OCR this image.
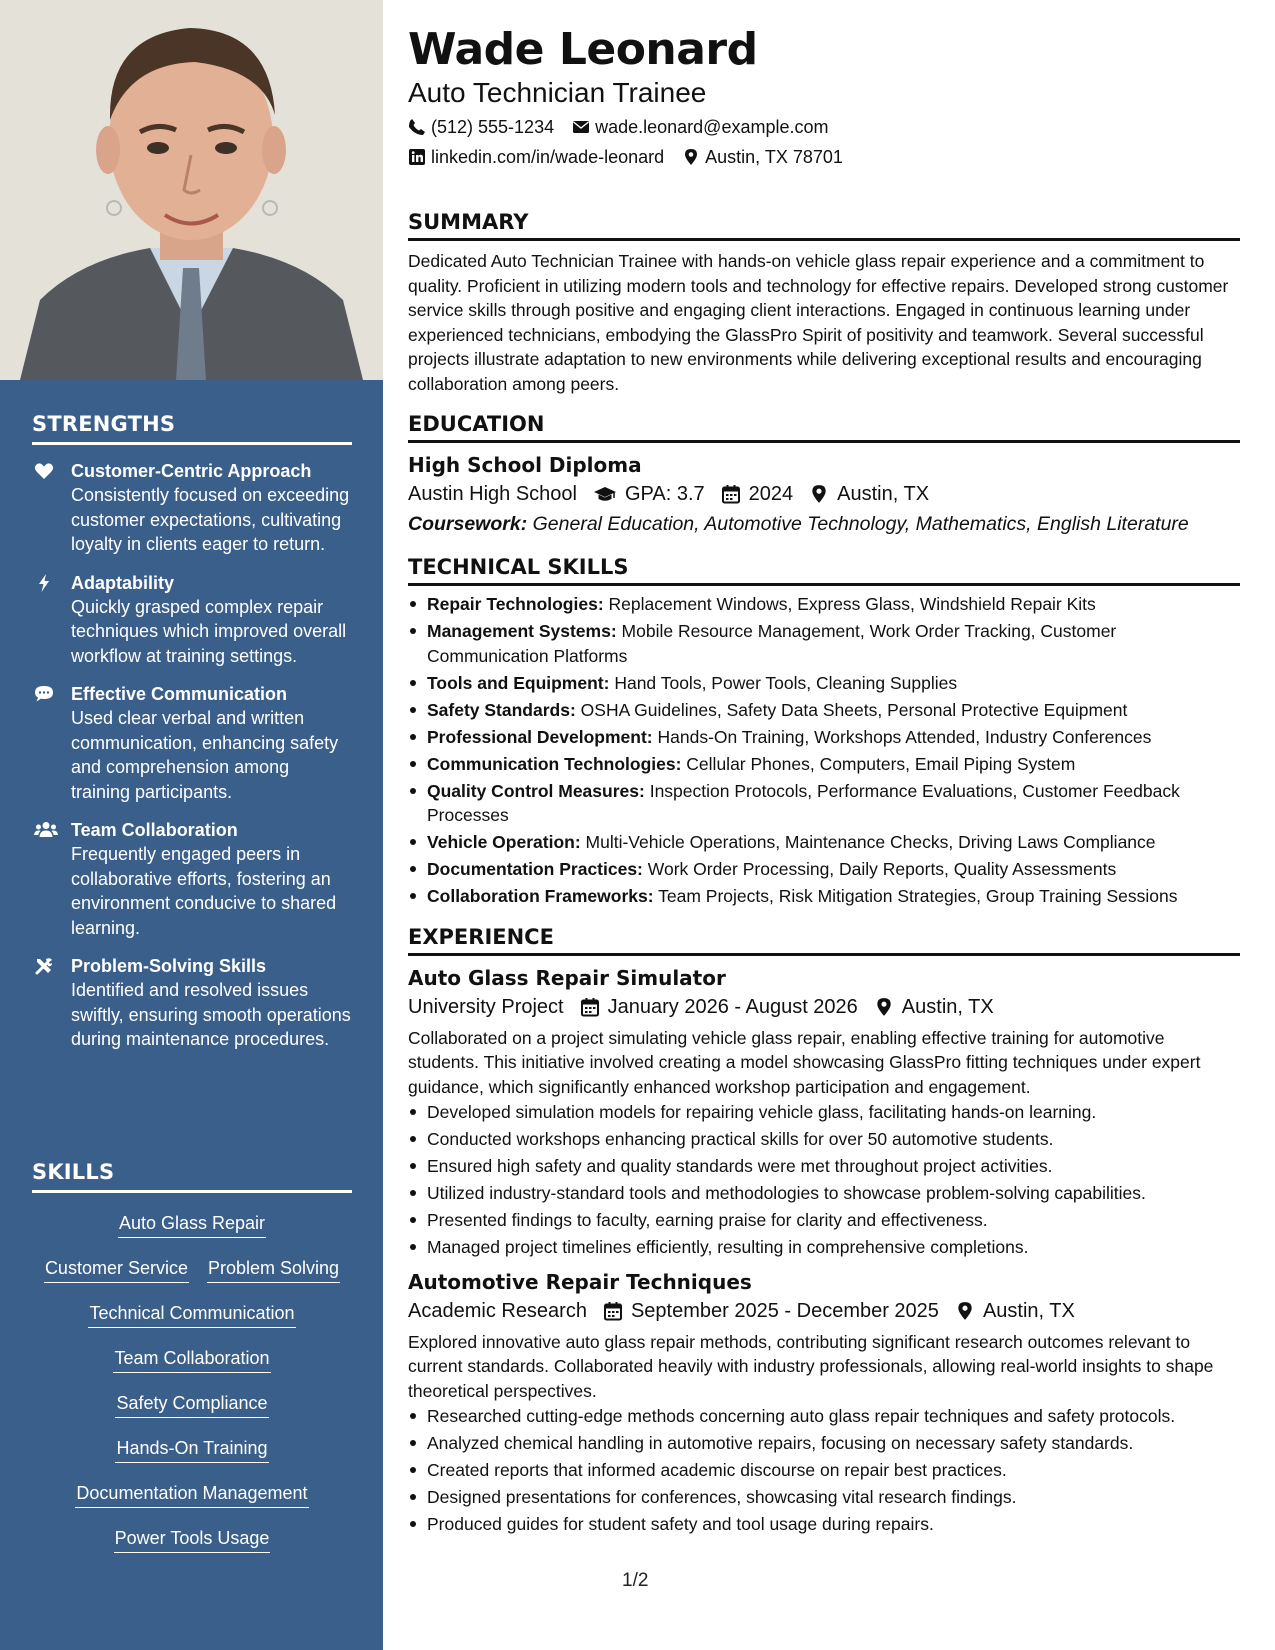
STRENGTHS
Customer-Centric Approach
Consistently focused on exceeding customer expectations, cultivating loyalty in clients eager to return.
Adaptability
Quickly grasped complex repair techniques which improved overall workflow at training settings.
Effective Communication
Used clear verbal and written communication, enhancing safety and comprehension among training participants.
Team Collaboration
Frequently engaged peers in collaborative efforts, fostering an environment conducive to shared learning.
Problem-Solving Skills
Identified and resolved issues swiftly, ensuring smooth operations during maintenance procedures.
SKILLS
Auto Glass Repair
Customer Service Problem Solving
Technical Communication
Team Collaboration
Safety Compliance
Hands-On Training
Documentation Management
Power Tools Usage
Wade Leonard
Auto Technician Trainee
(512) 555-1234 wade.leonard@example.com
linkedin.com/in/wade-leonard Austin, TX 78701
SUMMARY
Dedicated Auto Technician Trainee with hands-on vehicle glass repair experience and a commitment to quality. Proficient in utilizing modern tools and technology for effective repairs. Developed strong customer service skills through positive and engaging client interactions. Engaged in continuous learning under experienced technicians, embodying the GlassPro Spirit of positivity and teamwork. Several successful projects illustrate adaptation to new environments while delivering exceptional results and encouraging collaboration among peers.
EDUCATION
High School Diploma
Austin High School GPA: 3.7 2024 Austin, TX
Coursework: General Education, Automotive Technology, Mathematics, English Literature
TECHNICAL SKILLS
Repair Technologies: Replacement Windows, Express Glass, Windshield Repair Kits
Management Systems: Mobile Resource Management, Work Order Tracking, Customer Communication Platforms
Tools and Equipment: Hand Tools, Power Tools, Cleaning Supplies
Safety Standards: OSHA Guidelines, Safety Data Sheets, Personal Protective Equipment
Professional Development: Hands-On Training, Workshops Attended, Industry Conferences
Communication Technologies: Cellular Phones, Computers, Email Piping System
Quality Control Measures: Inspection Protocols, Performance Evaluations, Customer Feedback Processes
Vehicle Operation: Multi-Vehicle Operations, Maintenance Checks, Driving Laws Compliance
Documentation Practices: Work Order Processing, Daily Reports, Quality Assessments
Collaboration Frameworks: Team Projects, Risk Mitigation Strategies, Group Training Sessions
EXPERIENCE
Auto Glass Repair Simulator
University Project January 2026 - August 2026 Austin, TX
Collaborated on a project simulating vehicle glass repair, enabling effective training for automotive students. This initiative involved creating a model showcasing GlassPro fitting techniques under expert guidance, which significantly enhanced workshop participation and engagement.
Developed simulation models for repairing vehicle glass, facilitating hands-on learning.
Conducted workshops enhancing practical skills for over 50 automotive students.
Ensured high safety and quality standards were met throughout project activities.
Utilized industry-standard tools and methodologies to showcase problem-solving capabilities.
Presented findings to faculty, earning praise for clarity and effectiveness.
Managed project timelines efficiently, resulting in comprehensive completions.
Automotive Repair Techniques
Academic Research September 2025 - December 2025 Austin, TX
Explored innovative auto glass repair methods, contributing significant research outcomes relevant to current standards. Collaborated heavily with industry professionals, allowing real-world insights to shape theoretical perspectives.
Researched cutting-edge methods concerning auto glass repair techniques and safety protocols.
Analyzed chemical handling in automotive repairs, focusing on necessary safety standards.
Created reports that informed academic discourse on repair best practices.
Designed presentations for conferences, showcasing vital research findings.
Produced guides for student safety and tool usage during repairs.
1/2
